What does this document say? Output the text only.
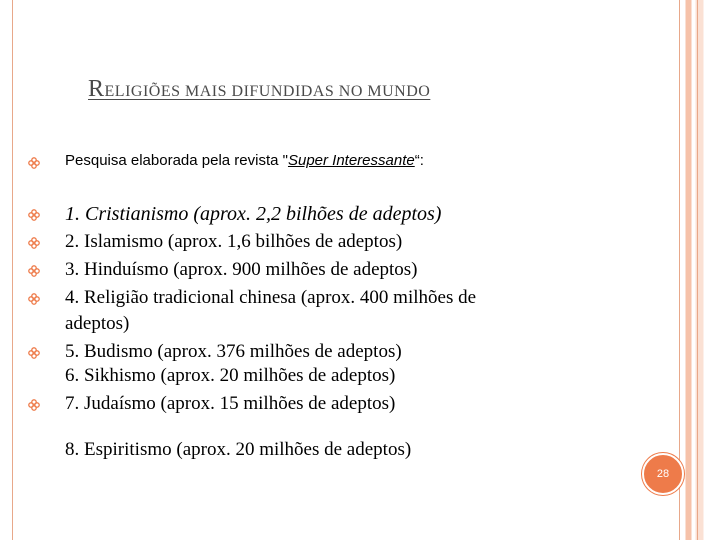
RELIGIÕES MAIS DIFUNDIDAS NO MUNDO
Pesquisa elaborada pela revista "Super Interessante“:
1. Cristianismo (aprox. 2,2 bilhões de adeptos)
2. Islamismo (aprox. 1,6 bilhões de adeptos)
3. Hinduísmo (aprox. 900 milhões de adeptos)
4. Religião tradicional chinesa (aprox. 400 milhões de
adeptos)
5. Budismo (aprox. 376 milhões de adeptos)
6. Sikhismo (aprox. 20 milhões de adeptos)
7. Judaísmo (aprox. 15 milhões de adeptos)
8. Espiritismo (aprox. 20 milhões de adeptos)
28
